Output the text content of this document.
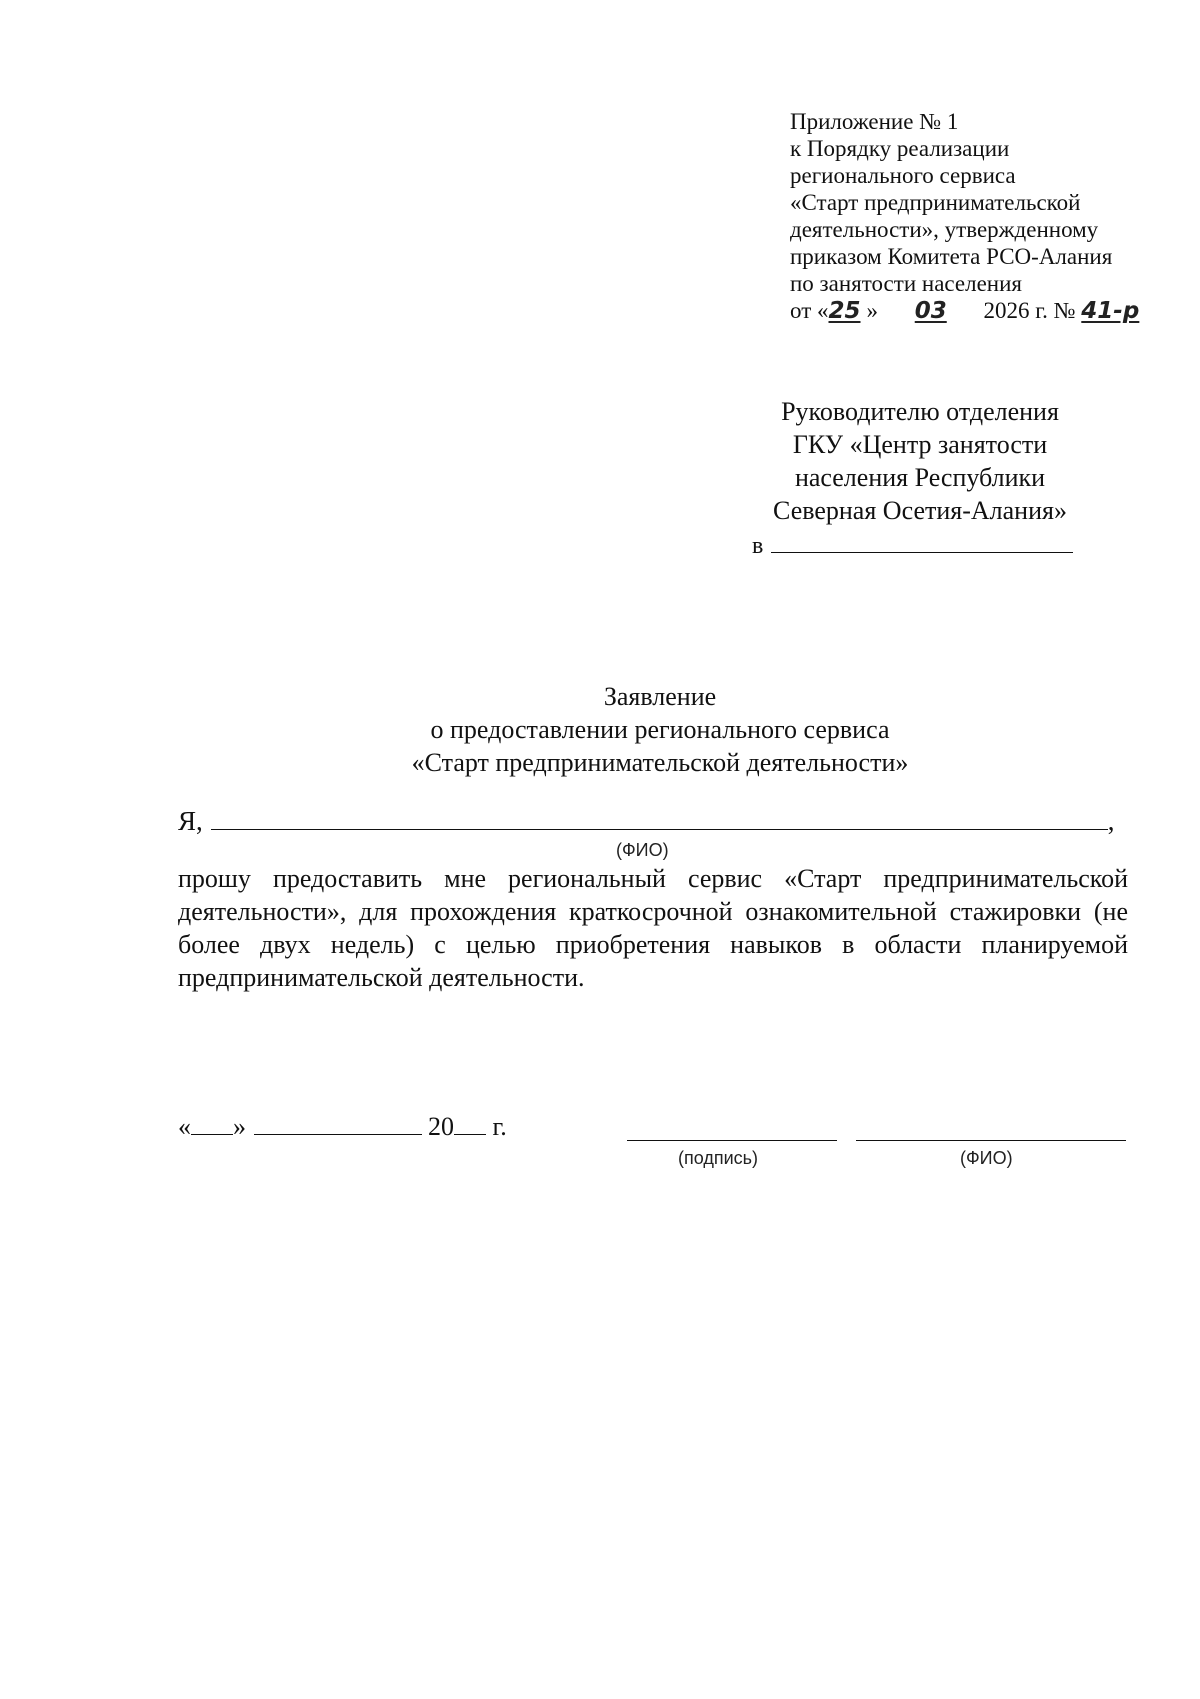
Приложение № 1
к Порядку реализации
регионального сервиса
«Старт предпринимательской
деятельности», утвержденному
приказом Комитета РСО-Алания
по занятости населения
от «25 » 03 2026 г. № 41-р
Руководителю отделения
ГКУ «Центр занятости
населения Республики
Северная Осетия-Алания»
в
Заявление
о предоставлении регионального сервиса
«Старт предпринимательской деятельности»
Я,	,
(ФИО)
прошу предоставить мне региональный сервис «Старт предпринимательской деятельности», для прохождения краткосрочной ознакомительной стажировки (не более двух недель) с целью приобретения навыков в области планируемой предпринимательской деятельности.
« »	20 г.
(подпись)	(ФИО)
